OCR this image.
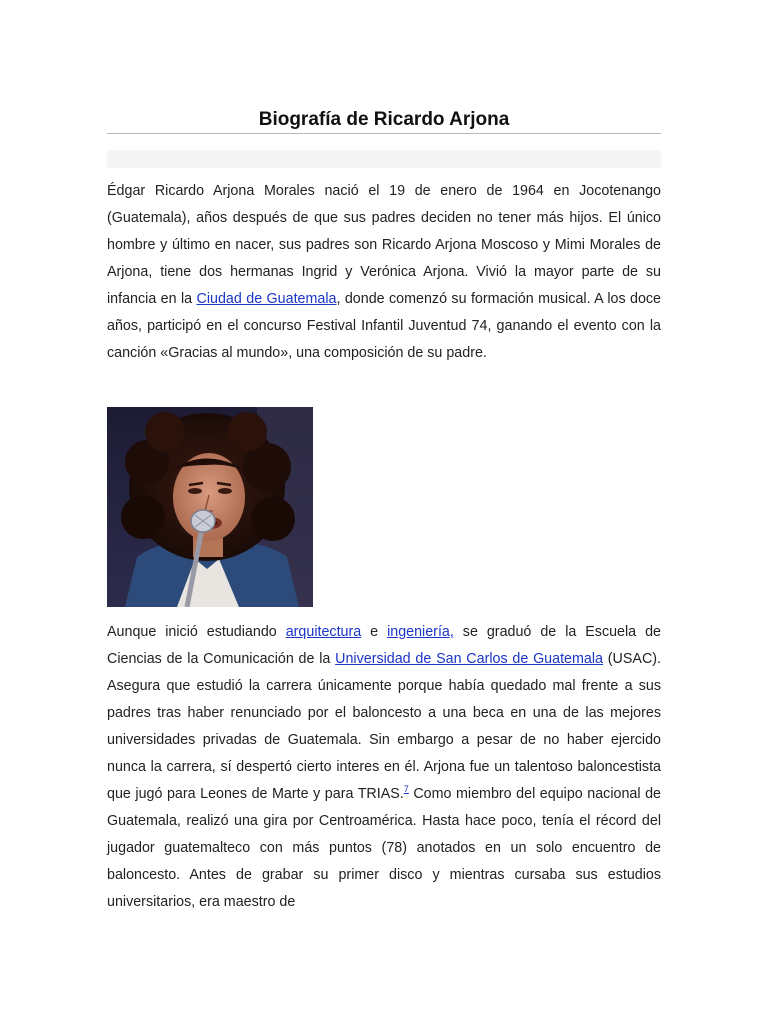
Biografía de Ricardo Arjona

Édgar Ricardo Arjona Morales nació el 19 de enero de 1964 en Jocotenango (Guatemala), años después de que sus padres deciden no tener más hijos. El único hombre y último en nacer, sus padres son Ricardo Arjona Moscoso y Mimi Morales de Arjona, tiene dos hermanas Ingrid y Verónica Arjona. Vivió la mayor parte de su infancia en la Ciudad de Guatemala, donde comenzó su formación musical. A los doce años, participó en el concurso Festival Infantil Juventud 74, ganando el evento con la canción «Gracias al mundo», una composición de su padre.

Aunque inició estudiando arquitectura e ingeniería, se graduó de la Escuela de Ciencias de la Comunicación de la Universidad de San Carlos de Guatemala (USAC). Asegura que estudió la carrera únicamente porque había quedado mal frente a sus padres tras haber renunciado por el baloncesto a una beca en una de las mejores universidades privadas de Guatemala. Sin embargo a pesar de no haber ejercido nunca la carrera, sí despertó cierto interes en él. Arjona fue un talentoso baloncestista que jugó para Leones de Marte y para TRIAS.$^7$ Como miembro del equipo nacional de Guatemala, realizó una gira por Centroamérica. Hasta hace poco, tenía el récord del jugador guatemalteco con más puntos (78) anotados en un solo encuentro de baloncesto. Antes de grabar su primer disco y mientras cursaba sus estudios universitarios, era maestro de
